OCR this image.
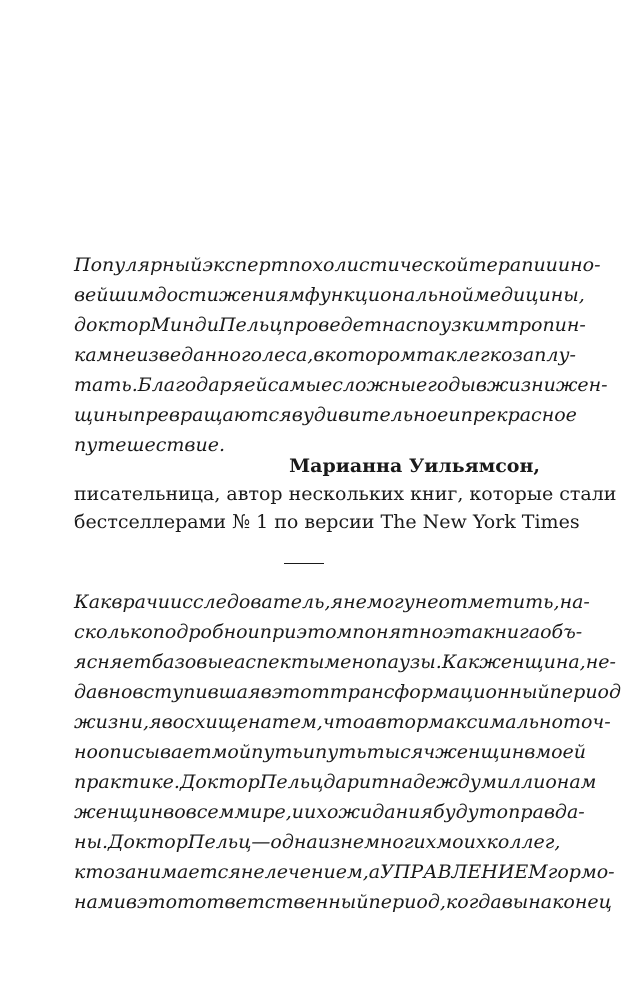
Популярный эксперт по холистической терапии и но-
вейшим достижениям функциональной медицины,
доктор Минди Пельц проведет нас по узким тропин-
кам неизведанного леса, в котором так легко заплу-
тать. Благодаря ей самые сложные годы в жизни жен-
щины превращаются в удивительное и прекрасное
путешествие.
Марианна Уильямсон,
писательница, автор нескольких книг, которые стали
бестселлерами № 1 по версии The New York Times
Как врач и исследователь, я не могу не отметить, на-
сколько подробно и при этом понятно эта книга объ-
ясняет базовые аспекты менопаузы. Как женщина, не-
давно вступившая в этот трансформационный период
жизни, я восхищена тем, что автор максимально точ-
но описывает мой путь и путь тысяч женщин в моей
практике. Доктор Пельц дарит надежду миллионам
женщин во всем мире, и их ожидания будут оправда-
ны. Доктор Пельц — одна из немногих моих коллег,
кто занимается не лечением, а УПРАВЛЕНИЕМ гормо-
нами в этот ответственный период, когда вы наконец
